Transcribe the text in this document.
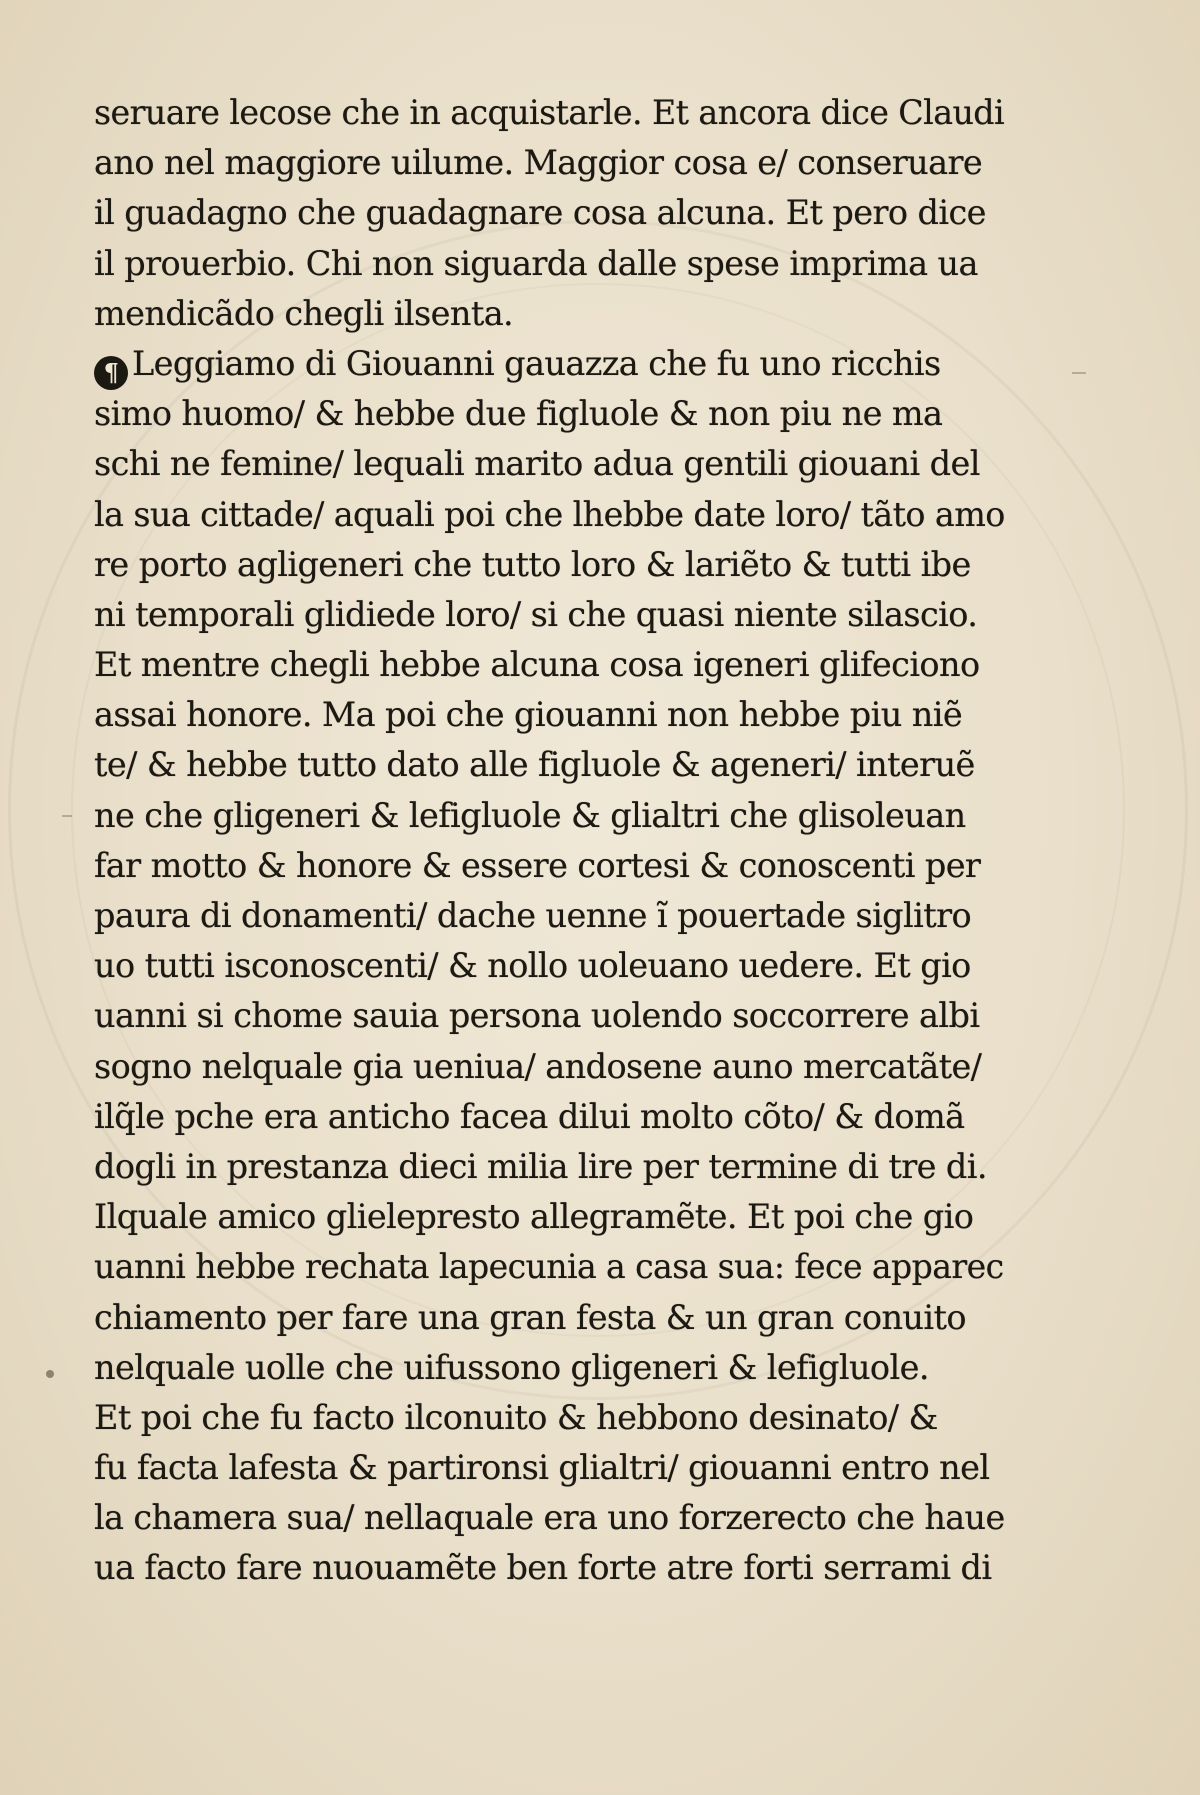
seruare lecose che in acquistarle. Et ancora dice Claudi
ano nel maggiore uilume. Maggior cosa e/ conseruare
il guadagno che guadagnare cosa alcuna. Et pero dice
il prouerbio. Chi non siguarda dalle spese imprima ua
mendicãdo chegli ilsenta.
¶ Leggiamo di Giouanni gauazza che fu uno ricchis
simo huomo/ & hebbe due figluole & non piu ne ma
schi ne femine/ lequali marito adua gentili giouani del
la sua cittade/ aquali poi che lhebbe date loro/ tãto amo
re porto agligeneri che tutto loro & lariẽto & tutti ibe
ni temporali glidiede loro/ si che quasi niente silascio.
Et mentre chegli hebbe alcuna cosa igeneri glifeciono
assai honore. Ma poi che giouanni non hebbe piu niẽ
te/ & hebbe tutto dato alle figluole & ageneri/ interuẽ
ne che gligeneri & lefigluole & glialtri che glisoleuan
far motto & honore & essere cortesi & conoscenti per
paura di donamenti/ dache uenne ĩ pouertade siglitro
uo tutti isconoscenti/ & nollo uoleuano uedere. Et gio
uanni si chome sauia persona uolendo soccorrere albi
sogno nelquale gia ueniua/ andosene auno mercatãte/
ilq̃le pche era anticho facea dilui molto cõto/ & domã
dogli in prestanza dieci milia lire per termine di tre di.
Ilquale amico glielepresto allegramẽte. Et poi che gio
uanni hebbe rechata lapecunia a casa sua: fece apparec
chiamento per fare una gran festa & un gran conuito
nelquale uolle che uifussono gligeneri & lefigluole.
Et poi che fu facto ilconuito & hebbono desinato/ &
fu facta lafesta & partironsi glialtri/ giouanni entro nel
la chamera sua/ nellaquale era uno forzerecto che haue
ua facto fare nuouamẽte ben forte atre forti serrami di
